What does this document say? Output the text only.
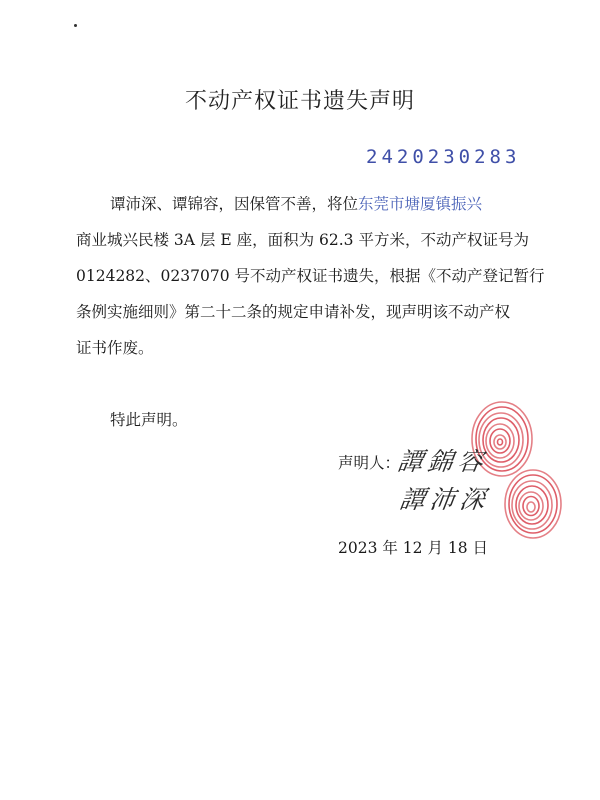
不动产权证书遗失声明
2420230283
谭沛深、谭锦容，因保管不善，将位东莞市塘厦镇振兴
商业城兴民楼 3A 层 E 座，面积为 62.3 平方米，不动产权证号为
0124282、0237070 号不动产权证书遗失，根据《不动产登记暂行
条例实施细则》第二十二条的规定申请补发，现声明该不动产权
证书作废。
特此声明。
声明人：
譚錦容
譚沛深
2023 年 12 月 18 日
